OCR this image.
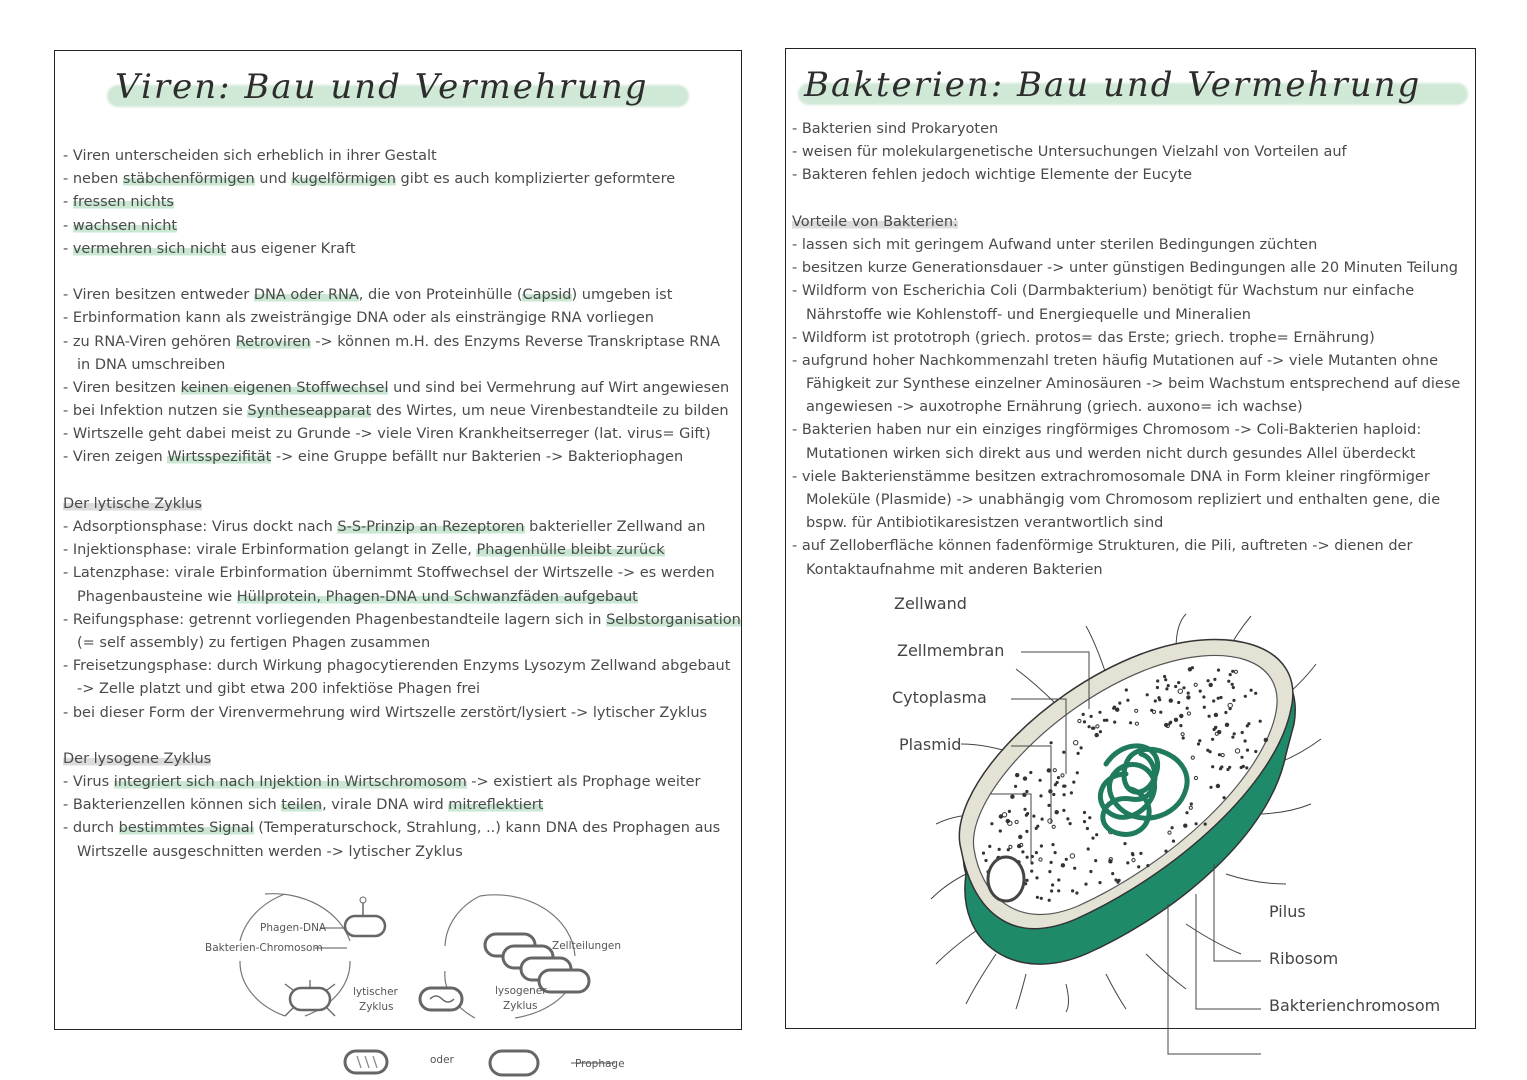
Viren: Bau und Vermehrung
- Viren unterscheiden sich erheblich in ihrer Gestalt
- neben stäbchenförmigen und kugelförmigen gibt es auch komplizierter geformtere
- fressen nichts
- wachsen nicht
- vermehren sich nicht aus eigener Kraft
- Viren besitzen entweder DNA oder RNA, die von Proteinhülle (Capsid) umgeben ist
- Erbinformation kann als zweisträngige DNA oder als einsträngige RNA vorliegen
- zu RNA-Viren gehören Retroviren -> können m.H. des Enzyms Reverse Transkriptase RNA
in DNA umschreiben
- Viren besitzen keinen eigenen Stoffwechsel und sind bei Vermehrung auf Wirt angewiesen
- bei Infektion nutzen sie Syntheseapparat des Wirtes, um neue Virenbestandteile zu bilden
- Wirtszelle geht dabei meist zu Grunde -> viele Viren Krankheitserreger (lat. virus= Gift)
- Viren zeigen Wirtsspezifität -> eine Gruppe befällt nur Bakterien -> Bakteriophagen
Der lytische Zyklus
- Adsorptionsphase: Virus dockt nach S-S-Prinzip an Rezeptoren bakterieller Zellwand an
- Injektionsphase: virale Erbinformation gelangt in Zelle, Phagenhülle bleibt zurück
- Latenzphase: virale Erbinformation übernimmt Stoffwechsel der Wirtszelle -> es werden
Phagenbausteine wie Hüllprotein, Phagen-DNA und Schwanzfäden aufgebaut
- Reifungsphase: getrennt vorliegenden Phagenbestandteile lagern sich in Selbstorganisation
(= self assembly) zu fertigen Phagen zusammen
- Freisetzungsphase: durch Wirkung phagocytierenden Enzyms Lysozym Zellwand abgebaut
-> Zelle platzt und gibt etwa 200 infektiöse Phagen frei
- bei dieser Form der Virenvermehrung wird Wirtszelle zerstört/lysiert -> lytischer Zyklus
Der lysogene Zyklus
- Virus integriert sich nach Injektion in Wirtschromosom -> existiert als Prophage weiter
- Bakterienzellen können sich teilen, virale DNA wird mitreflektiert
- durch bestimmtes Signal (Temperaturschock, Strahlung, ..) kann DNA des Prophagen aus
Wirtszelle ausgeschnitten werden -> lytischer Zyklus
Phagen-DNA
Bakterien-Chromosom
lytischer
Zyklus
lysogener
Zyklus
Zellteilungen
oder	Prophage
Bakterien: Bau und Vermehrung
- Bakterien sind Prokaryoten
- weisen für molekulargenetische Untersuchungen Vielzahl von Vorteilen auf
- Bakteren fehlen jedoch wichtige Elemente der Eucyte
Vorteile von Bakterien:
- lassen sich mit geringem Aufwand unter sterilen Bedingungen züchten
- besitzen kurze Generationsdauer -> unter günstigen Bedingungen alle 20 Minuten Teilung
- Wildform von Escherichia Coli (Darmbakterium) benötigt für Wachstum nur einfache
Nährstoffe wie Kohlenstoff- und Energiequelle und Mineralien
- Wildform ist prototroph (griech. protos= das Erste; griech. trophe= Ernährung)
- aufgrund hoher Nachkommenzahl treten häufig Mutationen auf -> viele Mutanten ohne
Fähigkeit zur Synthese einzelner Aminosäuren -> beim Wachstum entsprechend auf diese
angewiesen -> auxotrophe Ernährung (griech. auxono= ich wachse)
- Bakterien haben nur ein einziges ringförmiges Chromosom -> Coli-Bakterien haploid:
Mutationen wirken sich direkt aus und werden nicht durch gesundes Allel überdeckt
- viele Bakterienstämme besitzen extrachromosomale DNA in Form kleiner ringförmiger
Moleküle (Plasmide) -> unabhängig vom Chromosom repliziert und enthalten gene, die
bspw. für Antibiotikaresistzen verantwortlich sind
- auf Zelloberfläche können fadenförmige Strukturen, die Pili, auftreten -> dienen der
Kontaktaufnahme mit anderen Bakterien
Zellwand
Zellmembran
Cytoplasma
Plasmid
Pilus
Ribosom
Bakterienchromosom
